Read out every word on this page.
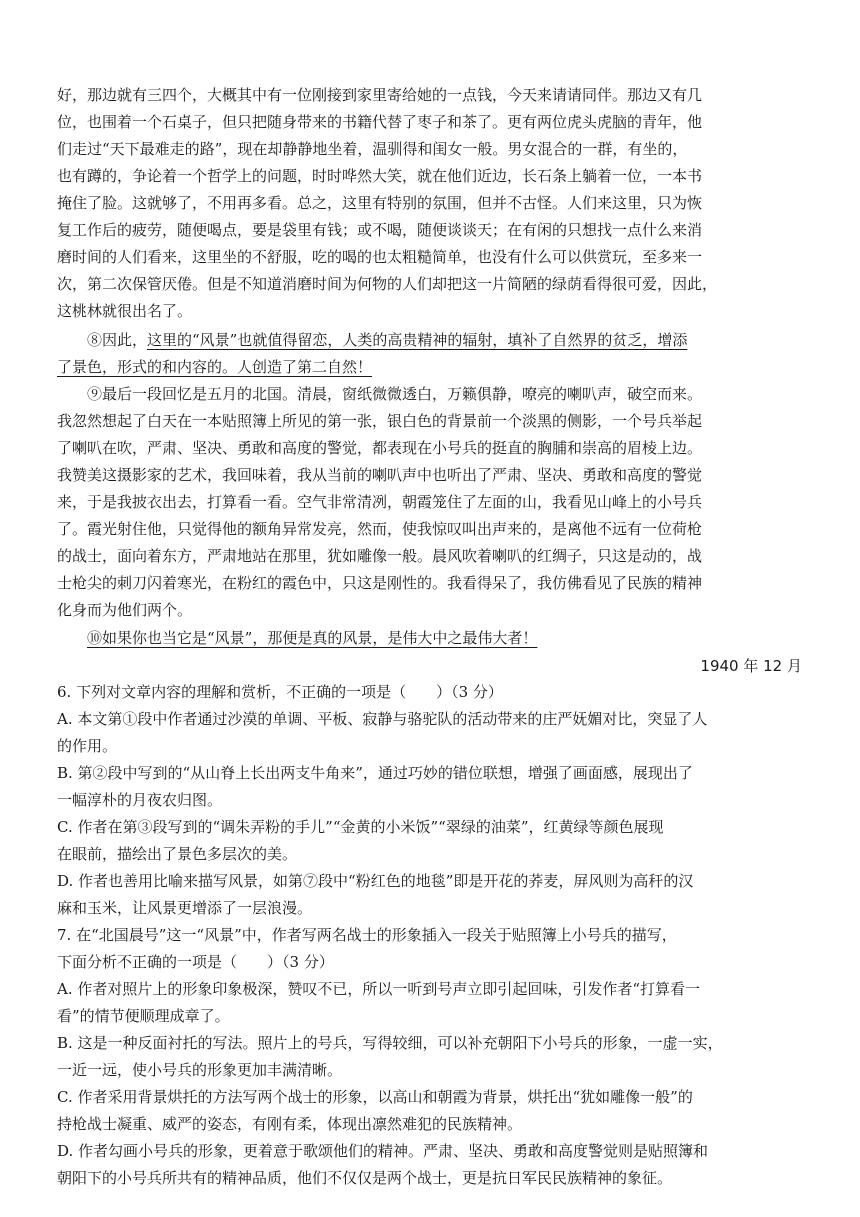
好，那边就有三四个，大概其中有一位刚接到家里寄给她的一点钱，今天来请请同伴。那边又有几
位，也围着一个石桌子，但只把随身带来的书籍代替了枣子和茶了。更有两位虎头虎脑的青年，他
们走过“天下最难走的路”，现在却静静地坐着，温驯得和闺女一般。男女混合的一群，有坐的，
也有蹲的，争论着一个哲学上的问题，时时哗然大笑，就在他们近边，长石条上躺着一位，一本书
掩住了脸。这就够了，不用再多看。总之，这里有特别的氛围，但并不古怪。人们来这里，只为恢
复工作后的疲劳，随便喝点，要是袋里有钱；或不喝，随便谈谈天；在有闲的只想找一点什么来消
磨时间的人们看来，这里坐的不舒服，吃的喝的也太粗糙简单，也没有什么可以供赏玩，至多来一
次，第二次保管厌倦。但是不知道消磨时间为何物的人们却把这一片简陋的绿荫看得很可爱，因此，
这桃林就很出名了。
⑧因此，这里的“风景”也就值得留恋，人类的高贵精神的辐射，填补了自然界的贫乏，增添
了景色，形式的和内容的。人创造了第二自然！
⑨最后一段回忆是五月的北国。清晨，窗纸微微透白，万籁俱静，嘹亮的喇叭声，破空而来。
我忽然想起了白天在一本贴照簿上所见的第一张，银白色的背景前一个淡黑的侧影，一个号兵举起
了喇叭在吹，严肃、坚决、勇敢和高度的警觉，都表现在小号兵的挺直的胸脯和崇高的眉棱上边。
我赞美这摄影家的艺术，我回味着，我从当前的喇叭声中也听出了严肃、坚决、勇敢和高度的警觉
来，于是我披衣出去，打算看一看。空气非常清冽，朝霞笼住了左面的山，我看见山峰上的小号兵
了。霞光射住他，只觉得他的额角异常发亮，然而，使我惊叹叫出声来的，是离他不远有一位荷枪
的战士，面向着东方，严肃地站在那里，犹如雕像一般。晨风吹着喇叭的红绸子，只这是动的，战
士枪尖的刺刀闪着寒光，在粉红的霞色中，只这是刚性的。我看得呆了，我仿佛看见了民族的精神
化身而为他们两个。
⑩如果你也当它是“风景”，那便是真的风景，是伟大中之最伟大者！
1940 年 12 月
6. 下列对文章内容的理解和赏析，不正确的一项是（　　）（3 分）
A. 本文第①段中作者通过沙漠的单调、平板、寂静与骆驼队的活动带来的庄严妩媚对比，突显了人
的作用。
B. 第②段中写到的“从山脊上长出两支牛角来”，通过巧妙的错位联想，增强了画面感，展现出了
一幅淳朴的月夜农归图。
C. 作者在第③段写到的“调朱弄粉的手儿”“金黄的小米饭”“翠绿的油菜”，红黄绿等颜色展现
在眼前，描绘出了景色多层次的美。
D. 作者也善用比喻来描写风景，如第⑦段中“粉红色的地毯”即是开花的荞麦，屏风则为高秆的汉
麻和玉米，让风景更增添了一层浪漫。
7. 在“北国晨号”这一“风景”中，作者写两名战士的形象插入一段关于贴照簿上小号兵的描写，
下面分析不正确的一项是（　　）（3 分）
A. 作者对照片上的形象印象极深，赞叹不已，所以一听到号声立即引起回味，引发作者“打算看一
看”的情节便顺理成章了。
B. 这是一种反面衬托的写法。照片上的号兵，写得较细，可以补充朝阳下小号兵的形象，一虚一实，
一近一远，使小号兵的形象更加丰满清晰。
C. 作者采用背景烘托的方法写两个战士的形象，以高山和朝霞为背景，烘托出“犹如雕像一般”的
持枪战士凝重、威严的姿态，有刚有柔，体现出凛然难犯的民族精神。
D. 作者勾画小号兵的形象，更着意于歌颂他们的精神。严肃、坚决、勇敢和高度警觉则是贴照簿和
朝阳下的小号兵所共有的精神品质，他们不仅仅是两个战士，更是抗日军民民族精神的象征。
